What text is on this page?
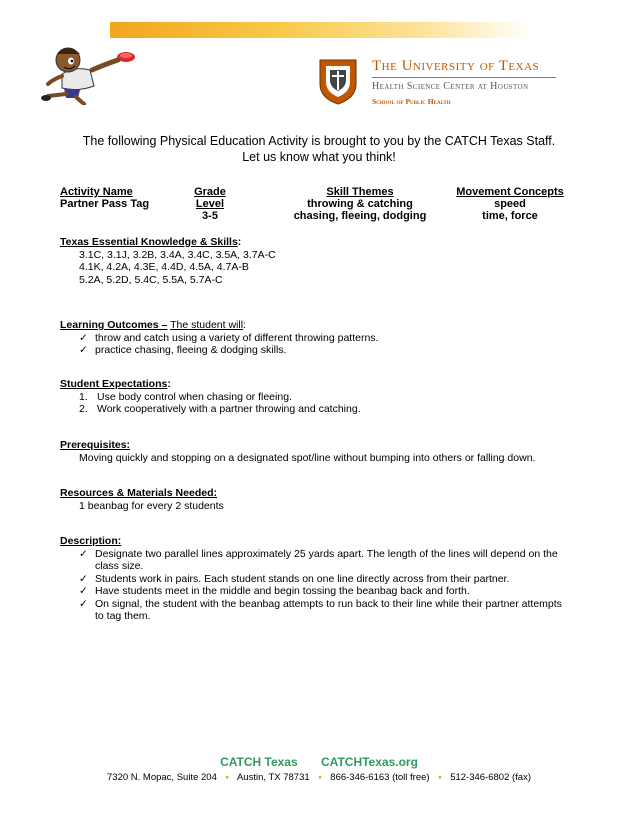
The University of Texas
Health Science Center at Houston
School of Public Health
The following Physical Education Activity is brought to you by the CATCH Texas Staff.
Let us know what you think!
Activity Name
Partner Pass Tag
Grade Level
3-5
Skill Themes
throwing & catching
chasing, fleeing, dodging
Movement Concepts
speed
time, force
Texas Essential Knowledge & Skills:
3.1C, 3.1J, 3.2B, 3.4A, 3.4C, 3.5A, 3.7A-C
4.1K, 4.2A, 4.3E, 4.4D, 4.5A, 4.7A-B
5.2A, 5.2D, 5.4C, 5.5A, 5.7A-C
Learning Outcomes – The student will:
✓ throw and catch using a variety of different throwing patterns.
✓ practice chasing, fleeing & dodging skills.
Student Expectations:
1. Use body control when chasing or fleeing.
2. Work cooperatively with a partner throwing and catching.
Prerequisites:
Moving quickly and stopping on a designated spot/line without bumping into others or falling down.
Resources & Materials Needed:
1 beanbag for every 2 students
Description:
✓ Designate two parallel lines approximately 25 yards apart. The length of the lines will depend on the
class size.
✓ Students work in pairs. Each student stands on one line directly across from their partner.
✓ Have students meet in the middle and begin tossing the beanbag back and forth.
✓ On signal, the student with the beanbag attempts to run back to their line while their partner attempts
to tag them.
CATCH Texas CATCHTexas.org
7320 N. Mopac, Suite 204 • Austin, TX 78731 • 866-346-6163 (toll free) • 512-346-6802 (fax)
